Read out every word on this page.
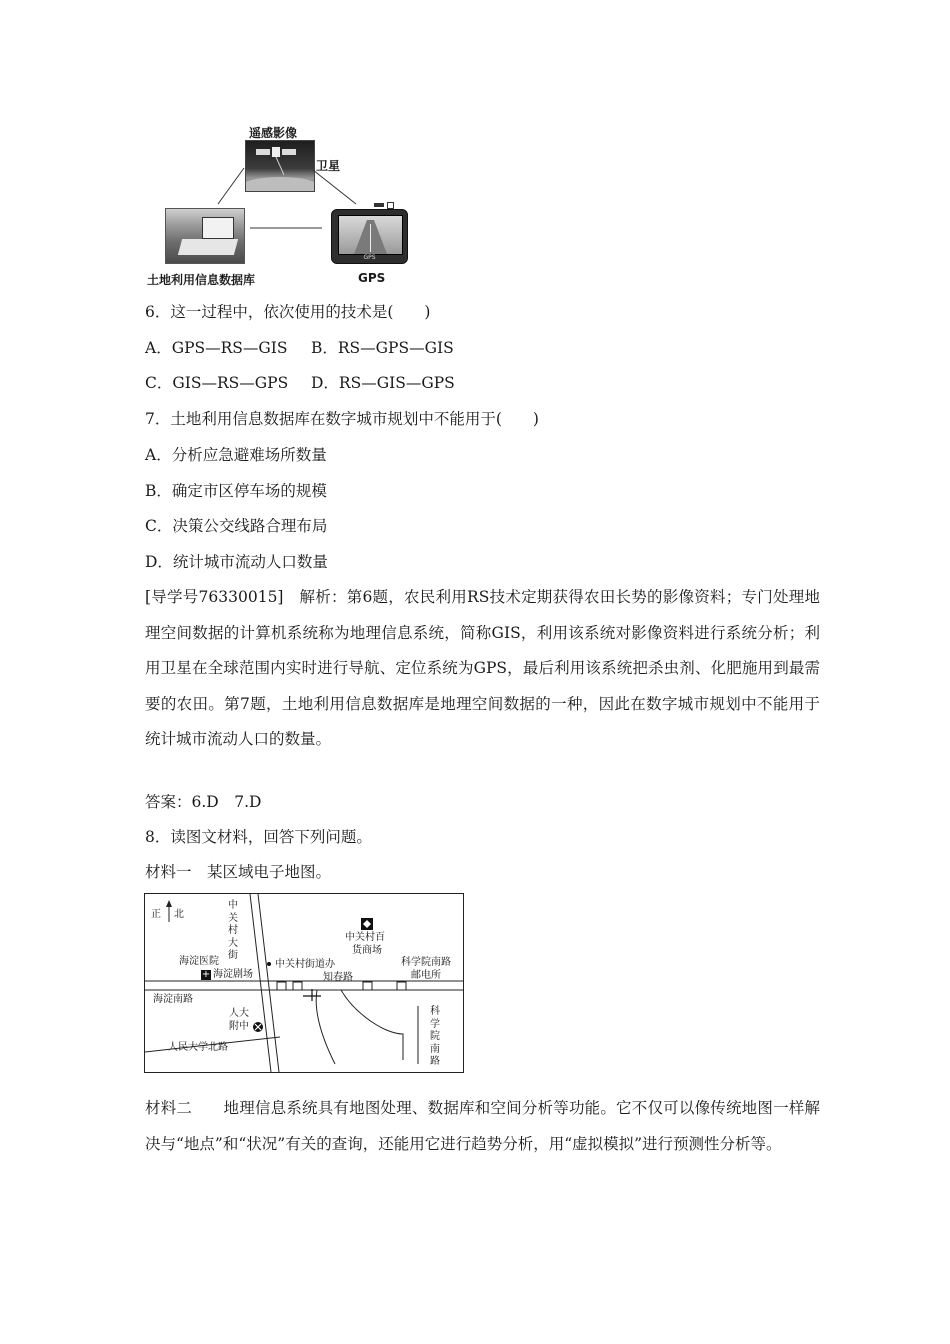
遥感影像
卫星
土地利用信息数据库
GPS
GPS
6．这一过程中，依次使用的技术是(　　)
A．GPS—RS—GIS B．RS—GPS—GIS
C．GIS—RS—GPS D．RS—GIS—GPS
7．土地利用信息数据库在数字城市规划中不能用于(　　)
A．分析应急避难场所数量
B．确定市区停车场的规模
C．决策公交线路合理布局
D．统计城市流动人口数量
[导学号76330015]　解析：第6题，农民利用RS技术定期获得农田长势的影像资料；专门处理地理空间数据的计算机系统称为地理信息系统，简称GIS，利用该系统对影像资料进行系统分析；利用卫星在全球范围内实时进行导航、定位系统为GPS，最后利用该系统把杀虫剂、化肥施用到最需要的农田。第7题，土地利用信息数据库是地理空间数据的一种，因此在数字城市规划中不能用于统计城市流动人口的数量。
答案：6.D　7.D
8．读图文材料，回答下列问题。
材料一　某区域电子地图。
正 北
中关村大街
中关村百
货商场
海淀医院
+ 海淀剧场
中关村街道办
知春路
科学院南路
邮电所
海淀南路
人大
附中
人民大学北路
科学院南路
材料二　　地理信息系统具有地图处理、数据库和空间分析等功能。它不仅可以像传统地图一样解决与“地点”和“状况”有关的查询，还能用它进行趋势分析，用“虚拟模拟”进行预测性分析等。
